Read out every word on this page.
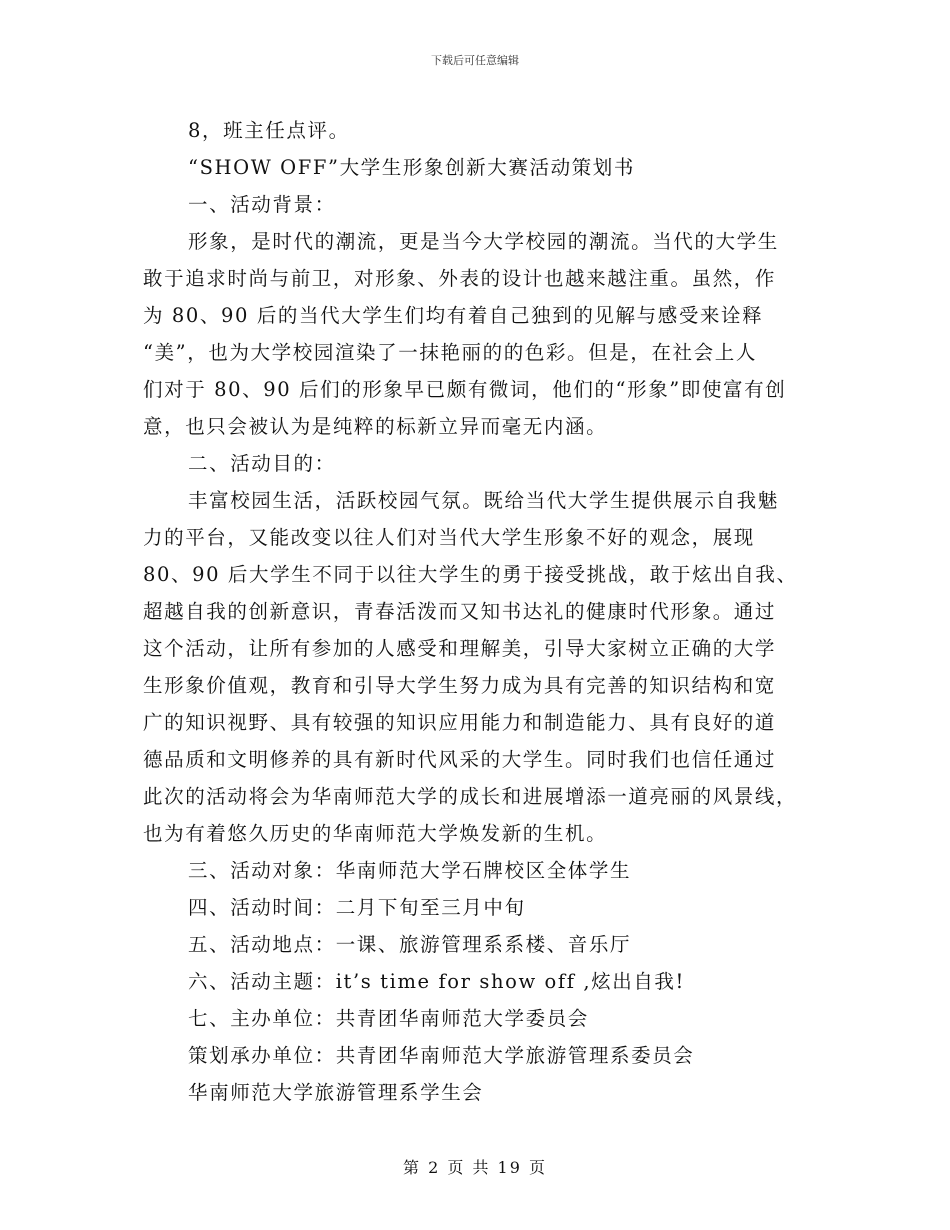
下载后可任意编辑
8，班主任点评。
“SHOW OFF”大学生形象创新大赛活动策划书
一、活动背景：
形象，是时代的潮流，更是当今大学校园的潮流。当代的大学生
敢于追求时尚与前卫，对形象、外表的设计也越来越注重。虽然，作
为 80、90 后的当代大学生们均有着自己独到的见解与感受来诠释
“美”，也为大学校园渲染了一抹艳丽的的色彩。但是，在社会上人
们对于 80、90 后们的形象早已颇有微词，他们的“形象”即使富有创
意，也只会被认为是纯粹的标新立异而毫无内涵。
二、活动目的：
丰富校园生活，活跃校园气氛。既给当代大学生提供展示自我魅
力的平台，又能改变以往人们对当代大学生形象不好的观念，展现
80、90 后大学生不同于以往大学生的勇于接受挑战，敢于炫出自我、
超越自我的创新意识，青春活泼而又知书达礼的健康时代形象。通过
这个活动，让所有参加的人感受和理解美，引导大家树立正确的大学
生形象价值观，教育和引导大学生努力成为具有完善的知识结构和宽
广的知识视野、具有较强的知识应用能力和制造能力、具有良好的道
德品质和文明修养的具有新时代风采的大学生。同时我们也信任通过
此次的活动将会为华南师范大学的成长和进展增添一道亮丽的风景线，
也为有着悠久历史的华南师范大学焕发新的生机。
三、活动对象：华南师范大学石牌校区全体学生
四、活动时间：二月下旬至三月中旬
五、活动地点：一课、旅游管理系系楼、音乐厅
六、活动主题：it’s time for show off ,炫出自我!
七、主办单位：共青团华南师范大学委员会
策划承办单位：共青团华南师范大学旅游管理系委员会
华南师范大学旅游管理系学生会
第 2 页 共 19 页
